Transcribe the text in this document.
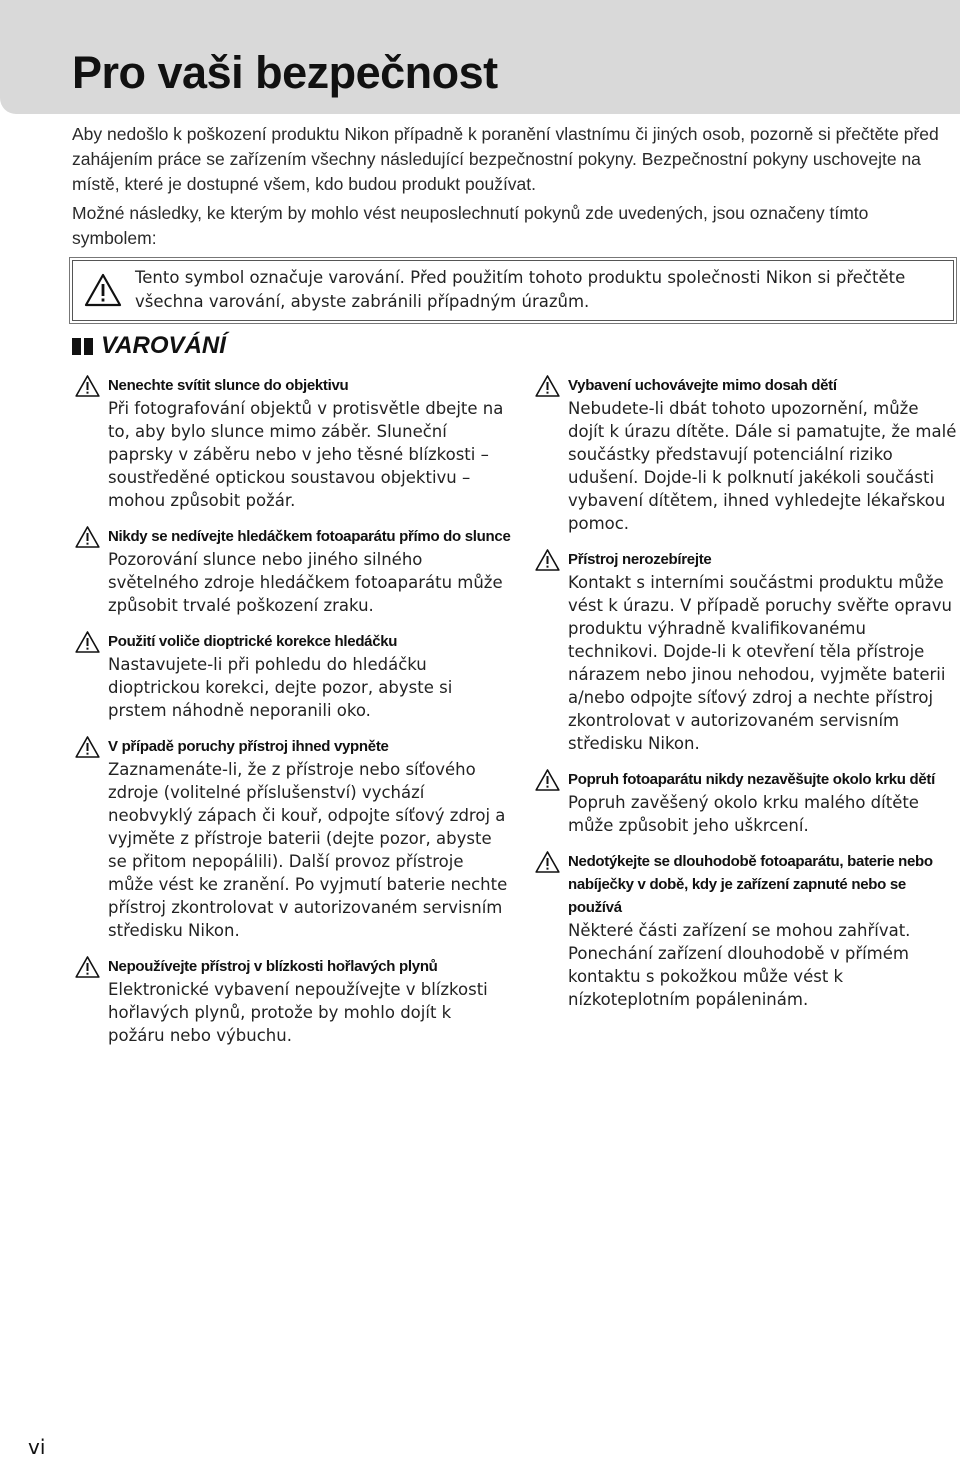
Pro vaši bezpečnost

Aby nedošlo k poškození produktu Nikon případně k poranění vlastnímu či jiných osob, pozorně si přečtěte před zahájením práce se zařízením všechny následující bezpečnostní pokyny. Bezpečnostní pokyny uschovejte na místě, které je dostupné všem, kdo budou produkt používat.

Možné následky, ke kterým by mohlo vést neuposlechnutí pokynů zde uvedených, jsou označeny tímto symbolem:

Tento symbol označuje varování. Před použitím tohoto produktu společnosti Nikon si přečtěte všechna varování, abyste zabránili případným úrazům.

VAROVÁNÍ

Nenechte svítit slunce do objektivu

Při fotografování objektů v protisvětle dbejte na to, aby bylo slunce mimo záběr. Sluneční paprsky v záběru nebo v jeho těsné blízkosti – soustředěné optickou soustavou objektivu – mohou způsobit požár.

Nikdy se nedívejte hledáčkem fotoaparátu přímo do slunce

Pozorování slunce nebo jiného silného světelného zdroje hledáčkem fotoaparátu může způsobit trvalé poškození zraku.

Použití voliče dioptrické korekce hledáčku

Nastavujete-li při pohledu do hledáčku dioptrickou korekci, dejte pozor, abyste si prstem náhodně neporanili oko.

V případě poruchy přístroj ihned vypněte

Zaznamenáte-li, že z přístroje nebo síťového zdroje (volitelné příslušenství) vychází neobvyklý zápach či kouř, odpojte síťový zdroj a vyjměte z přístroje baterii (dejte pozor, abyste se přitom nepopálili). Další provoz přístroje může vést ke zranění. Po vyjmutí baterie nechte přístroj zkontrolovat v autorizovaném servisním středisku Nikon.

Nepoužívejte přístroj v blízkosti hořlavých plynů

Elektronické vybavení nepoužívejte v blízkosti hořlavých plynů, protože by mohlo dojít k požáru nebo výbuchu.

Vybavení uchovávejte mimo dosah dětí

Nebudete-li dbát tohoto upozornění, může dojít k úrazu dítěte. Dále si pamatujte, že malé součástky představují potenciální riziko udušení. Dojde-li k polknutí jakékoli součásti vybavení dítětem, ihned vyhledejte lékařskou pomoc.

Přístroj nerozebírejte

Kontakt s interními součástmi produktu může vést k úrazu. V případě poruchy svěřte opravu produktu výhradně kvalifikovanému technikovi. Dojde-li k otevření těla přístroje nárazem nebo jinou nehodou, vyjměte baterii a/nebo odpojte síťový zdroj a nechte přístroj zkontrolovat v autorizovaném servisním středisku Nikon.

Popruh fotoaparátu nikdy nezavěšujte okolo krku dětí

Popruh zavěšený okolo krku malého dítěte může způsobit jeho uškrcení.

Nedotýkejte se dlouhodobě fotoaparátu, baterie nebo nabíječky v době, kdy je zařízení zapnuté nebo se používá

Některé části zařízení se mohou zahřívat. Ponechání zařízení dlouhodobě v přímém kontaktu s pokožkou může vést k nízkoteplotním popáleninám.

vi
